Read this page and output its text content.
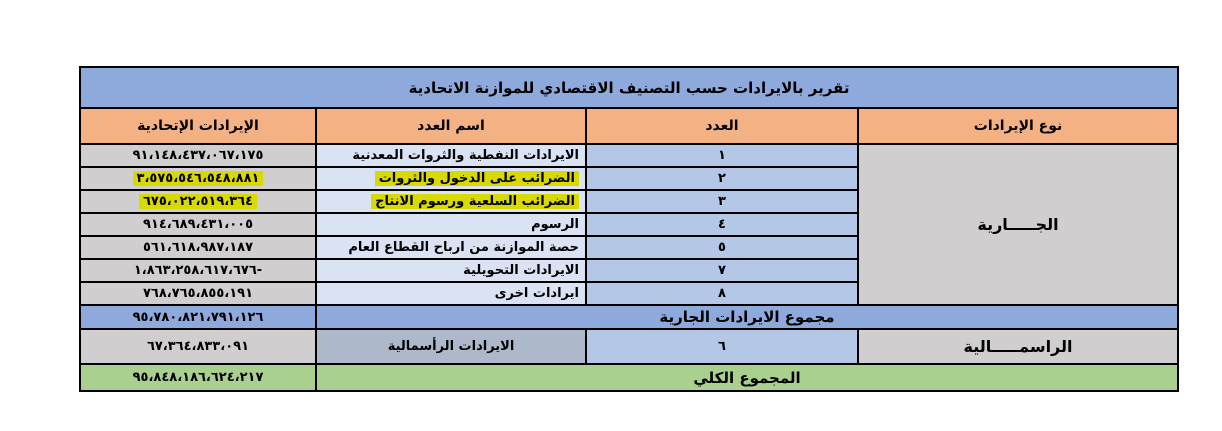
تقرير بالايرادات حسب التصنيف الاقتصادي للموازنة الاتحادية			
الإيرادات الإتحادية	اسم العدد	العدد	نوع الإيرادات
٩١،١٤٨،٤٣٧،٠٦٧،١٧٥	الايرادات النفطية والثروات المعدنية	١	الجـــــارية
٣،٥٧٥،٥٤٦،٥٤٨،٨٨١	الضرائب على الدخول والثروات	٢	
٦٧٥،٠٢٢،٥١٩،٣٦٤	الضرائب السلعية ورسوم الانتاج	٣	
٩١٤،٦٨٩،٤٣١،٠٠٥	الرسوم	٤	
٥٦١،٦١٨،٩٨٧،١٨٧	حصة الموازنة من ارباح القطاع العام	٥	
١،٨٦٣،٢٥٨،٦١٧،٦٧٦-	الايرادات التحويلية	٧	
٧٦٨،٧٦٥،٨٥٥،١٩١	ايرادات اخرى	٨	
٩٥،٧٨٠،٨٢١،٧٩١،١٢٦	مجموع الايرادات الجارية		
٦٧،٣٦٤،٨٣٣،٠٩١	الايرادات الرأسمالية	٦	الراسمـــــالية
٩٥،٨٤٨،١٨٦،٦٢٤،٢١٧	المجموع الكلي		
